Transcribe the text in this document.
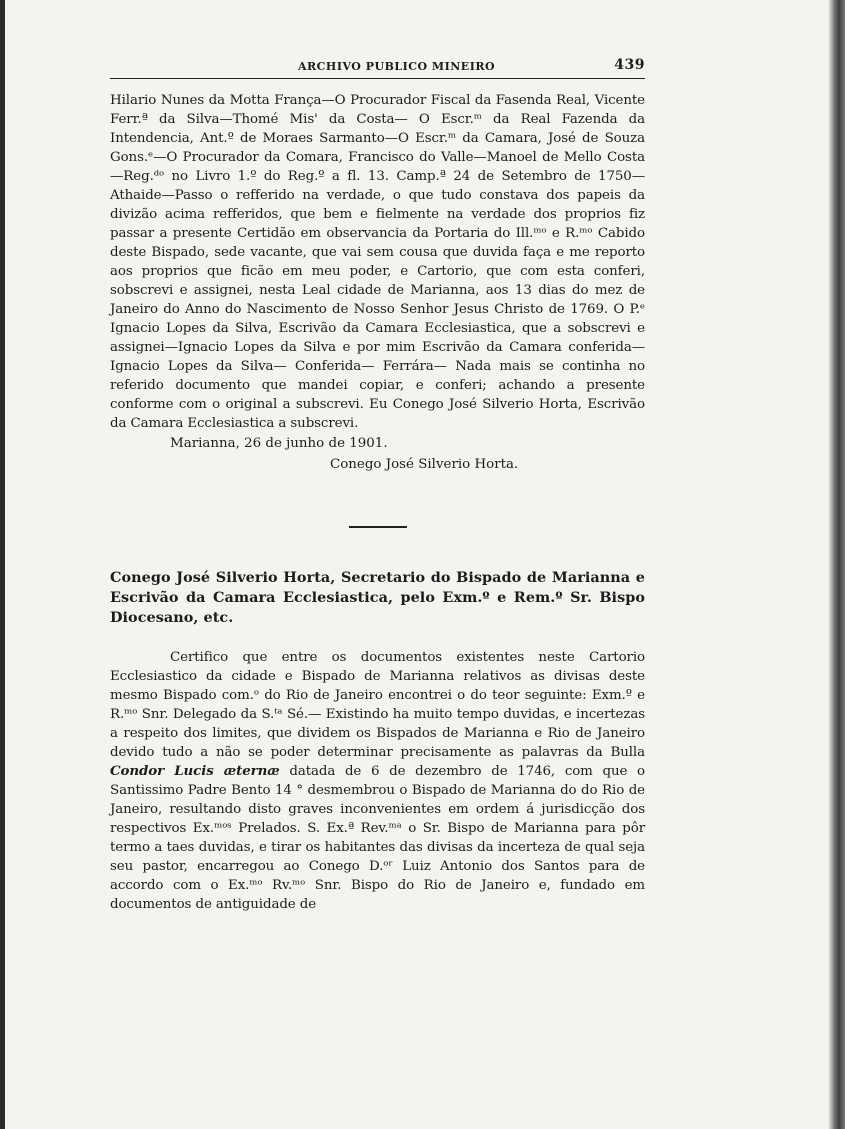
ARCHIVO PUBLICO MINEIRO	439

Hilario Nunes da Motta França—O Procurador Fiscal da Fasenda Real, Vicente Ferr.ª da Silva—Thomé Mis' da Costa— O Escr.ᵐ da Real Fazenda da Intendencia, Ant.º de Moraes Sarmanto—O Escr.ᵐ da Camara, José de Souza Gons.ᵉ—O Procurador da Comara, Francisco do Valle—Manoel de Mello Costa—Reg.ᵈᵒ no Livro 1.º do Reg.º a fl. 13. Camp.ª 24 de Setembro de 1750—Athaide—Passo o refferido na verdade, o que tudo constava dos papeis da divizão acima refferidos, que bem e fielmente na verdade dos proprios fiz passar a presente Certidão em observancia da Portaria do Ill.ᵐᵒ e R.ᵐᵒ Cabido deste Bispado, sede vacante, que vai sem cousa que duvida faça e me reporto aos proprios que ficão em meu poder, e Cartorio, que com esta conferi, sobscrevi e assignei, nesta Leal cidade de Marianna, aos 13 dias do mez de Janeiro do Anno do Nascimento de Nosso Senhor Jesus Christo de 1769. O P.ᵉ Ignacio Lopes da Silva, Escrivão da Camara Ecclesiastica, que a sobscrevi e assignei—Ignacio Lopes da Silva e por mim Escrivão da Camara conferida—Ignacio Lopes da Silva— Conferida— Ferrára— Nada mais se continha no referido documento que mandei copiar, e conferi; achando a presente conforme com o original a subscrevi. Eu Conego José Silverio Horta, Escrivão da Camara Ecclesiastica a subscrevi.

Marianna, 26 de junho de 1901.
Conego José Silverio Horta.
Conego José Silverio Horta, Secretario do Bispado de Marianna e Escrivão da Camara Ecclesiastica, pelo Exm.º e Rem.º Sr. Bispo Diocesano, etc.

Certifico que entre os documentos existentes neste Cartorio Ecclesiastico da cidade e Bispado de Marianna relativos as divisas deste mesmo Bispado com.ᵒ do Rio de Janeiro encontrei o do teor seguinte: Exm.º e R.ᵐᵒ Snr. Delegado da S.ᵗᵃ Sé.— Existindo ha muito tempo duvidas, e incertezas a respeito dos limites, que dividem os Bispados de Marianna e Rio de Janeiro devido tudo a não se poder determinar precisamente as palavras da Bulla Condor Lucis æternæ datada de 6 de dezembro de 1746, com que o Santissimo Padre Bento 14 ° desmembrou o Bispado de Marianna do do Rio de Janeiro, resultando disto graves inconvenientes em ordem á jurisdicção dos respectivos Ex.ᵐᵒˢ Prelados. S. Ex.ª Rev.ᵐᵃ o Sr. Bispo de Marianna para pôr termo a taes duvidas, e tirar os habitantes das divisas da incerteza de qual seja seu pastor, encarregou ao Conego D.ᵒʳ Luiz Antonio dos Santos para de accordo com o Ex.ᵐᵒ Rv.ᵐᵒ Snr. Bispo do Rio de Janeiro e, fundado em documentos de antiguidade de
